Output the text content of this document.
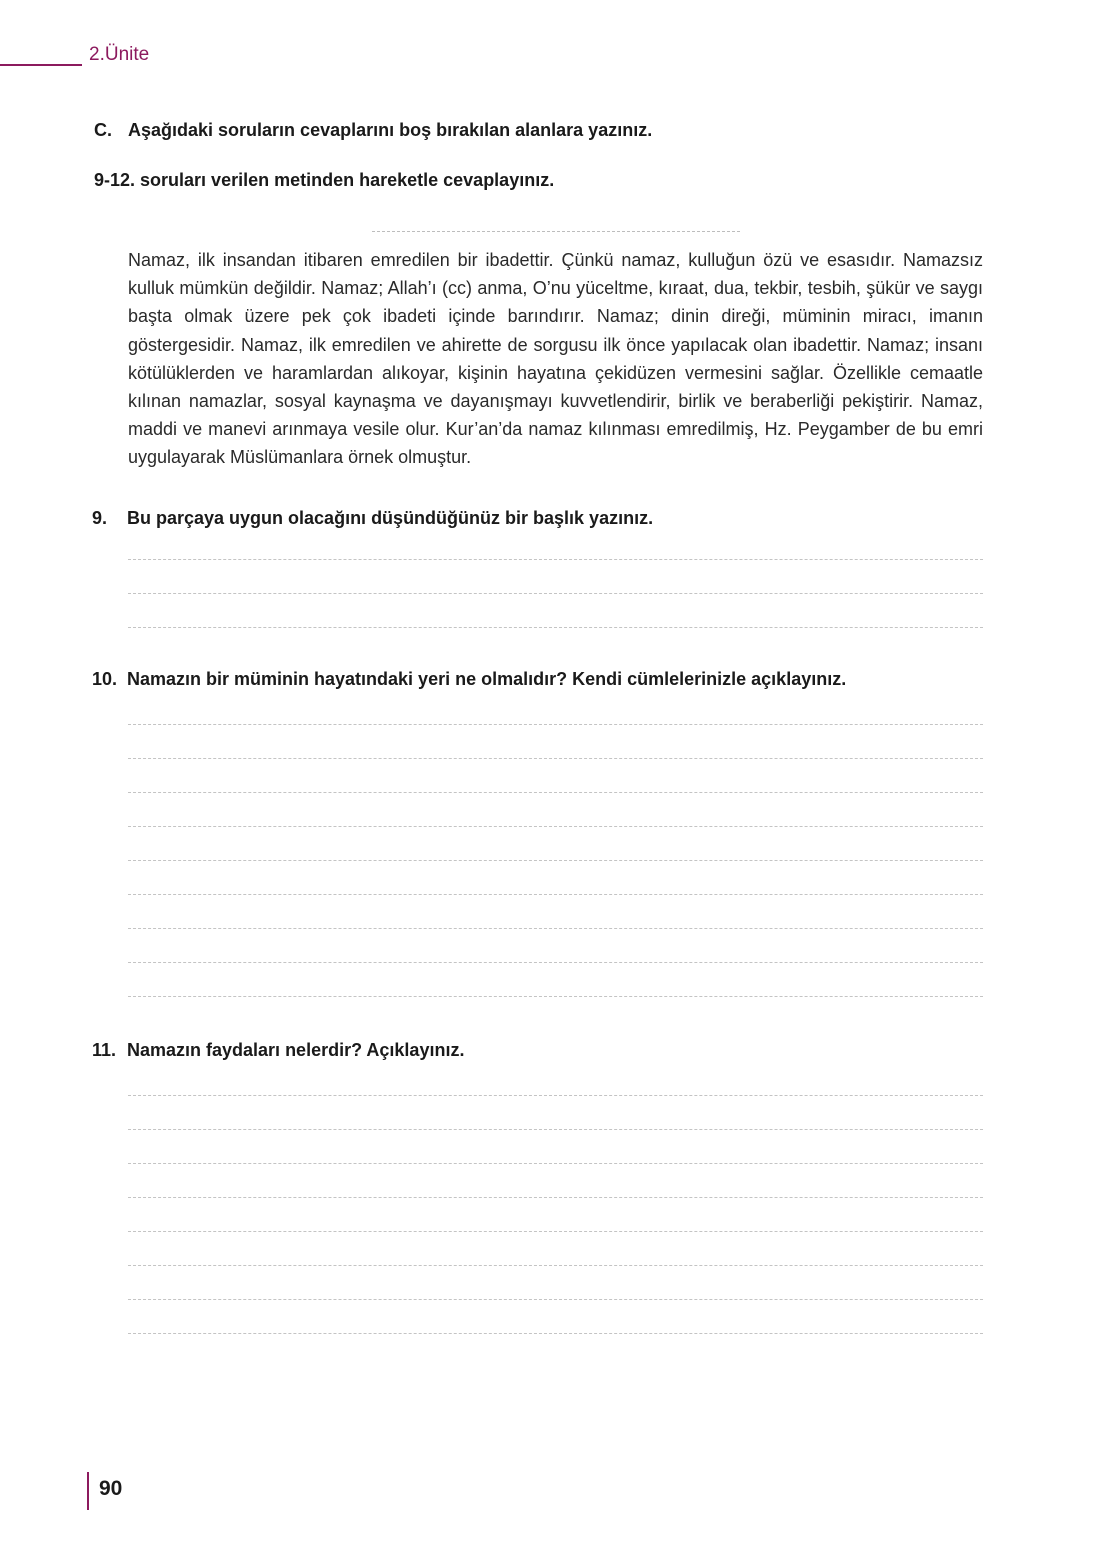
2.Ünite
C. Aşağıdaki soruların cevaplarını boş bırakılan alanlara yazınız.
9-12. soruları verilen metinden hareketle cevaplayınız.

Namaz, ilk insandan itibaren emredilen bir ibadettir. Çünkü namaz, kulluğun özü ve esasıdır. Namazsız kulluk mümkün değildir. Namaz; Allah’ı (cc) anma, O’nu yüceltme, kıraat, dua, tekbir, tesbih, şükür ve saygı başta olmak üzere pek çok ibadeti içinde barındırır. Namaz; dinin direği, müminin miracı, imanın göstergesidir. Namaz, ilk emredilen ve ahirette de sorgusu ilk önce yapılacak olan ibadettir. Namaz; insanı kötülüklerden ve haramlardan alıkoyar, kişinin hayatına çekidüzen vermesini sağlar. Özellikle cemaatle kılınan namazlar, sosyal kaynaşma ve dayanışmayı kuvvetlendirir, birlik ve beraberliği pekiştirir. Namaz, maddi ve manevi arınmaya vesile olur. Kur’an’da namaz kılınması emredilmiş, Hz. Peygamber de bu emri uygulayarak Müslümanlara örnek olmuştur.

9. Bu parçaya uygun olacağını düşündüğünüz bir başlık yazınız.
10. Namazın bir müminin hayatındaki yeri ne olmalıdır? Kendi cümlelerinizle açıklayınız.
11. Namazın faydaları nelerdir? Açıklayınız.
90
